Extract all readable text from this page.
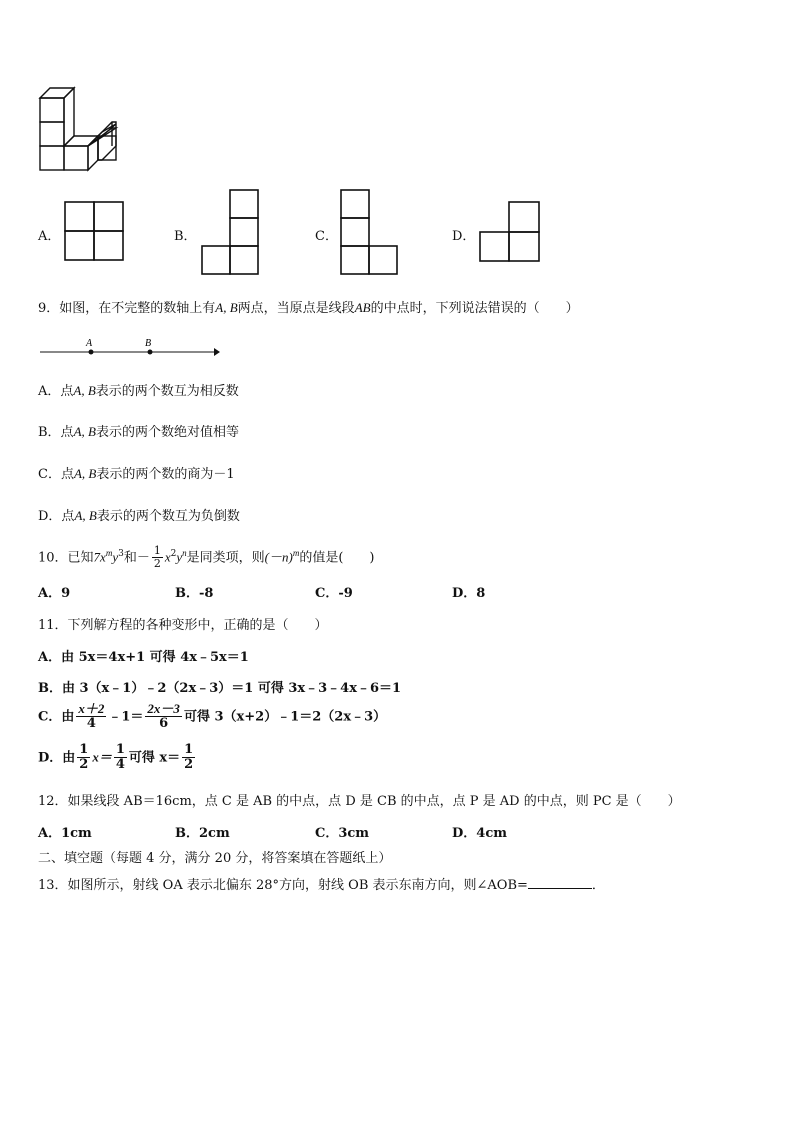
A．	B．	C．	D．
9．如图，在不完整的数轴上有A, B两点，当原点是线段AB的中点时，下列说法错误的（　　）
A	B
A．点A, B表示的两个数互为相反数
B．点A, B表示的两个数绝对值相等
C．点A, B表示的两个数的商为－1
D．点A, B表示的两个数互为负倒数
10．已知$7x^my^3$和－ $\frac{1}{2} x^2y^n$是同类项，则$(-n)^m$的值是(　　)
A．9	B．-8	C．-9	D．8
11．下列解方程的各种变形中，正确的是（　　）
A．由 5x＝4x+1 可得 4x﹣5x＝1
B．由 3（x﹣1）﹣2（2x﹣3）＝1 可得 3x﹣3﹣4x﹣6＝1
C．由 $\frac{x+2}{4}$ ﹣1＝ $\frac{2x-3}{6}$ 可得 3（x+2）﹣1＝2（2x﹣3）
D．由 $\frac{1}{2} x= \frac{1}{4}$ 可得 $x= \frac{1}{2}$
12．如果线段 AB＝16cm，点 C 是 AB 的中点，点 D 是 CB 的中点，点 P 是 AD 的中点，则 PC 是（　　）
A．1cm	B．2cm	C．3cm	D．4cm
二、填空题（每题 4 分，满分 20 分，将答案填在答题纸上）
13．如图所示，射线 OA 表示北偏东 28°方向，射线 OB 表示东南方向，则∠AOB=	．
